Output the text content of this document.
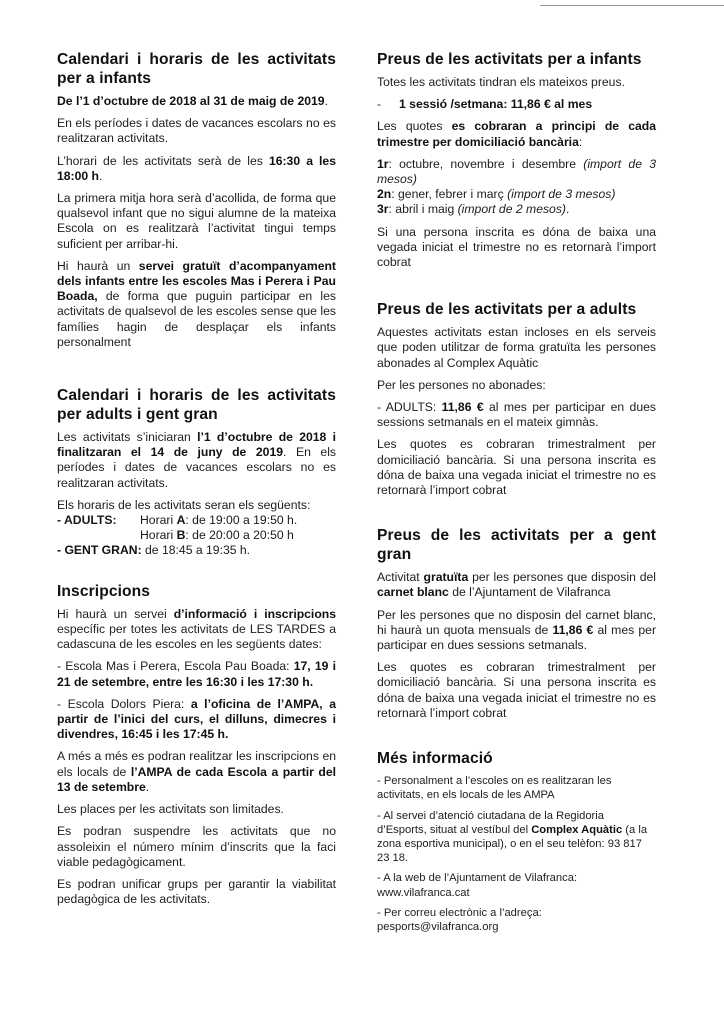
Calendari i horaris de les activitats per a infants

De l’1 d’octubre de 2018 al 31 de maig de 2019.

En els períodes i dates de vacances escolars no es realitzaran activitats.

L’horari de les activitats serà de les 16:30 a les 18:00 h.

La primera mitja hora serà d’acollida, de forma que qualsevol infant que no sigui alumne de la mateixa Escola on es realitzarà l’activitat tingui temps suficient per arribar-hi.

Hi haurà un servei gratuït d’acompanyament dels infants entre les escoles Mas i Perera i Pau Boada, de forma que puguin participar en les activitats de qualsevol de les escoles sense que les famílies hagin de desplaçar els infants personalment

Calendari i horaris de les activitats per adults i gent gran

Les activitats s’iniciaran l’1 d’octubre de 2018 i finalitzaran el 14 de juny de 2019. En els períodes i dates de vacances escolars no es realitzaran activitats.

Els horaris de les activitats seran els següents:
- ADULTS:	Horari A: de 19:00 a 19:50 h.
Horari B: de 20:00 a 20:50 h
- GENT GRAN: de 18:45 a 19:35 h.
Inscripcions

Hi haurà un servei d’informació i inscripcions específic per totes les activitats de LES TARDES a cadascuna de les escoles en les següents dates:

- Escola Mas i Perera, Escola Pau Boada: 17, 19 i 21 de setembre, entre les 16:30 i les 17:30 h.

- Escola Dolors Piera: a l’oficina de l’AMPA, a partir de l’inici del curs, el dilluns, dimecres i divendres, 16:45 i les 17:45 h.

A més a més es podran realitzar les inscripcions en els locals de l’AMPA de cada Escola a partir del 13 de setembre.

Les places per les activitats son limitades.

Es podran suspendre les activitats que no assoleixin el número mínim d’inscrits que la faci viable pedagògicament.

Es podran unificar grups per garantir la viabilitat pedagògica de les activitats.

Preus de les activitats per a infants

Totes les activitats tindran els mateixos preus.

- 1 sessió /setmana: 11,86 € al mes

Les quotes es cobraran a principi de cada trimestre per domiciliació bancària:

1r: octubre, novembre i desembre (import de 3 mesos)

2n: gener, febrer i març (import de 3 mesos)

3r: abril i maig (import de 2 mesos).

Si una persona inscrita es dóna de baixa una vegada iniciat el trimestre no es retornarà l’import cobrat

Preus de les activitats per a adults

Aquestes activitats estan incloses en els serveis que poden utilitzar de forma gratuïta les persones abonades al Complex Aquàtic

Per les persones no abonades:

- ADULTS: 11,86 € al mes per participar en dues sessions setmanals en el mateix gimnàs.

Les quotes es cobraran trimestralment per domiciliació bancària. Si una persona inscrita es dóna de baixa una vegada iniciat el trimestre no es retornarà l’import cobrat

Preus de les activitats per a gent gran

Activitat gratuïta per les persones que disposin del carnet blanc de l’Ajuntament de Vilafranca

Per les persones que no disposin del carnet blanc, hi haurà un quota mensuals de 11,86 € al mes per participar en dues sessions setmanals.

Les quotes es cobraran trimestralment per domiciliació bancària. Si una persona inscrita es dóna de baixa una vegada iniciat el trimestre no es retornarà l’import cobrat

Més informació

- Personalment a l’escoles on es realitzaran les activitats, en els locals de les AMPA

- Al servei d’atenció ciutadana de la Regidoria d’Esports, situat al vestíbul del Complex Aquàtic (a la zona esportiva municipal), o en el seu telèfon: 93 817 23 18.

- A la web de l’Ajuntament de Vilafranca: www.vilafranca.cat

- Per correu electrònic a l’adreça: pesports@vilafranca.org
